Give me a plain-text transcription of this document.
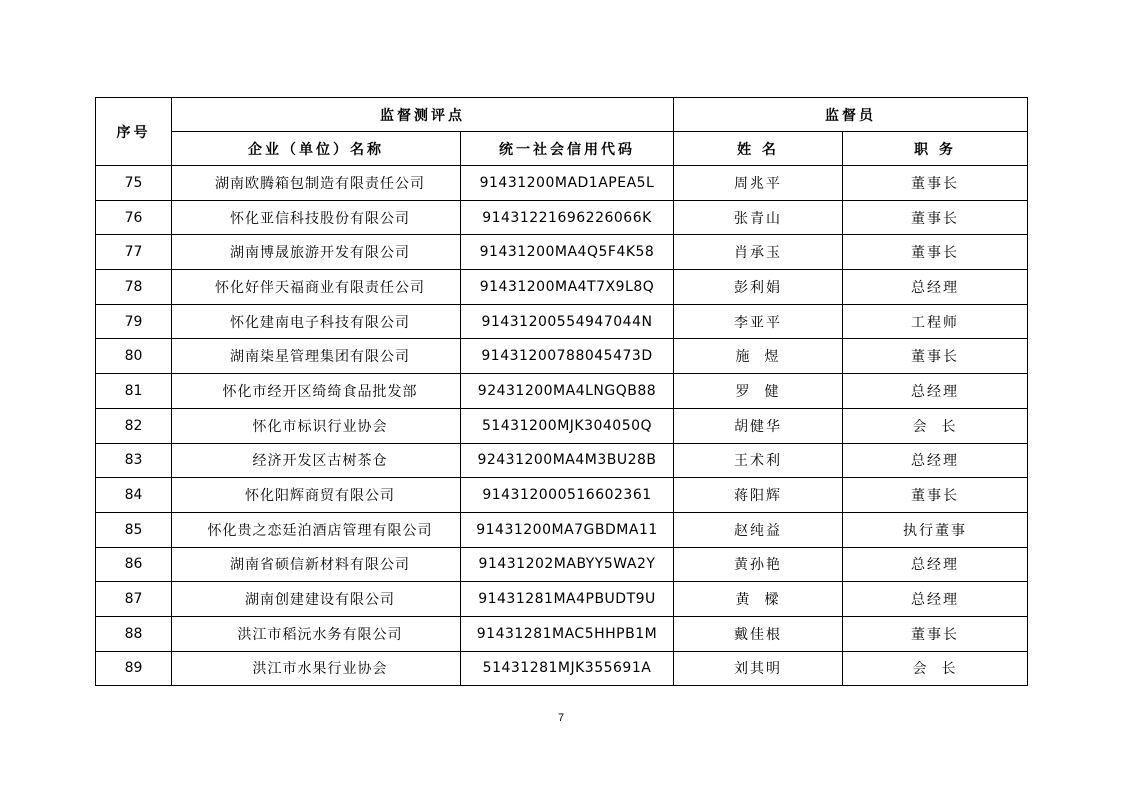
序号	监督测评点		监督员	
	企业（单位）名称	统一社会信用代码	姓 名	职 务
75	湖南欧腾箱包制造有限责任公司	91431200MAD1APEA5L	周兆平	董事长
76	怀化亚信科技股份有限公司	91431221696226066K	张青山	董事长
77	湖南博晟旅游开发有限公司	91431200MA4Q5F4K58	肖承玉	董事长
78	怀化好伴天福商业有限责任公司	91431200MA4T7X9L8Q	彭利娟	总经理
79	怀化建南电子科技有限公司	91431200554947044N	李亚平	工程师
80	湖南柒星管理集团有限公司	91431200788045473D	施  煜	董事长
81	怀化市经开区绮绮食品批发部	92431200MA4LNGQB88	罗  健	总经理
82	怀化市标识行业协会	51431200MJK304050Q	胡健华	会  长
83	经济开发区古树茶仓	92431200MA4M3BU28B	王术利	总经理
84	怀化阳辉商贸有限公司	914312000516602361	蒋阳辉	董事长
85	怀化贵之恋廷泊酒店管理有限公司	91431200MA7GBDMA11	赵纯益	执行董事
86	湖南省硕信新材料有限公司	91431202MABYY5WA2Y	黄孙艳	总经理
87	湖南创建建设有限公司	91431281MA4PBUDT9U	黄  樑	总经理
88	洪江市稻沅水务有限公司	91431281MAC5HHPB1M	戴佳根	董事长
89	洪江市水果行业协会	51431281MJK355691A	刘其明	会  长
7
